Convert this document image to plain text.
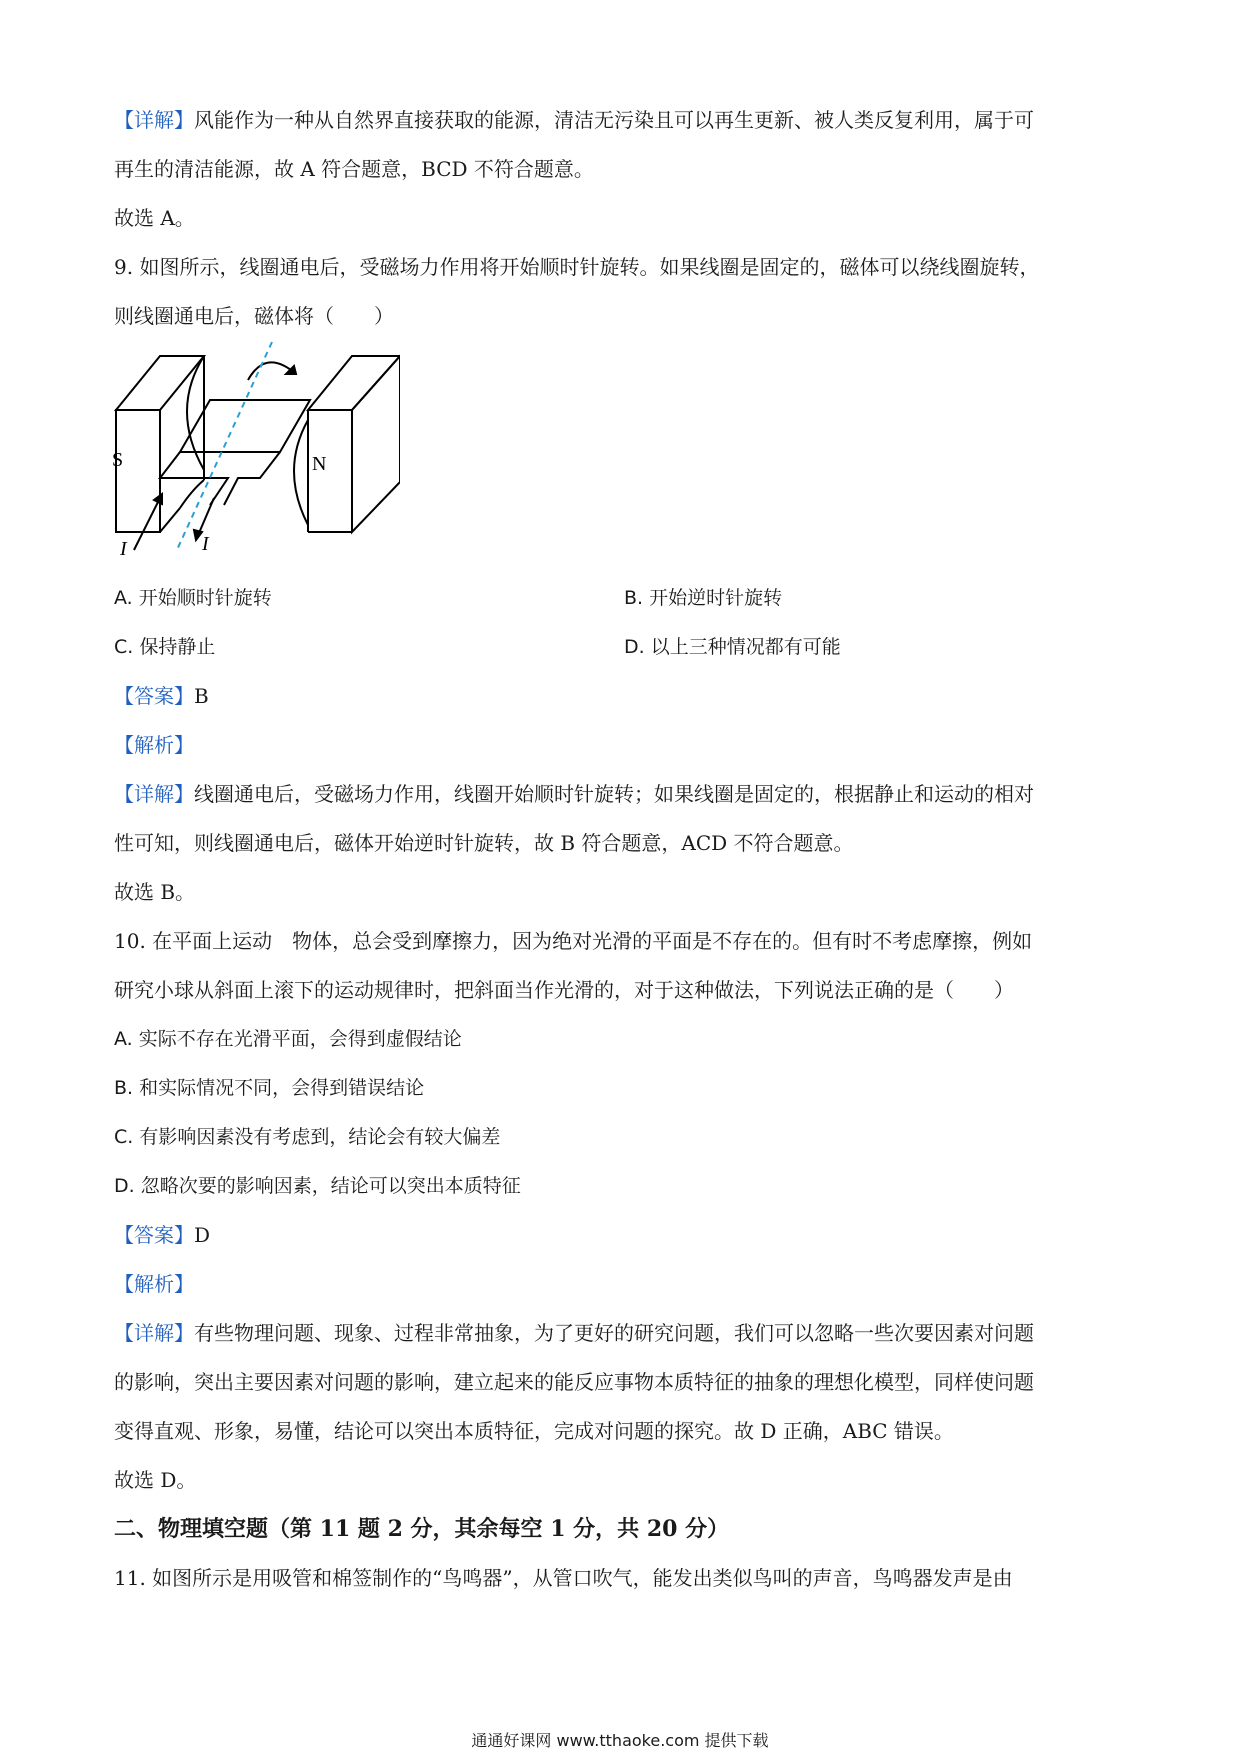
【详解】风能作为一种从自然界直接获取的能源，清洁无污染且可以再生更新、被人类反复利用，属于可
再生的清洁能源，故 A 符合题意，BCD 不符合题意。
故选 A。
9. 如图所示，线圈通电后，受磁场力作用将开始顺时针旋转。如果线圈是固定的，磁体可以绕线圈旋转，
则线圈通电后，磁体将（　　）
S	N
I	I
A. 开始顺时针旋转	B. 开始逆时针旋转
C. 保持静止	D. 以上三种情况都有可能
【答案】B
【解析】
【详解】线圈通电后，受磁场力作用，线圈开始顺时针旋转；如果线圈是固定的，根据静止和运动的相对
性可知，则线圈通电后，磁体开始逆时针旋转，故 B 符合题意，ACD 不符合题意。
故选 B。
10. 在平面上运动　物体，总会受到摩擦力，因为绝对光滑的平面是不存在的。但有时不考虑摩擦，例如
研究小球从斜面上滚下的运动规律时，把斜面当作光滑的，对于这种做法，下列说法正确的是（　　）
A. 实际不存在光滑平面，会得到虚假结论
B. 和实际情况不同，会得到错误结论
C. 有影响因素没有考虑到，结论会有较大偏差
D. 忽略次要的影响因素，结论可以突出本质特征
【答案】D
【解析】
【详解】有些物理问题、现象、过程非常抽象，为了更好的研究问题，我们可以忽略一些次要因素对问题
的影响，突出主要因素对问题的影响，建立起来的能反应事物本质特征的抽象的理想化模型，同样使问题
变得直观、形象，易懂，结论可以突出本质特征，完成对问题的探究。故 D 正确，ABC 错误。
故选 D。
二、物理填空题（第 11 题 2 分，其余每空 1 分，共 20 分）
11. 如图所示是用吸管和棉签制作的“鸟鸣器”，从管口吹气，能发出类似鸟叫的声音，鸟鸣器发声是由
通通好课网 www.tthaoke.com 提供下载
